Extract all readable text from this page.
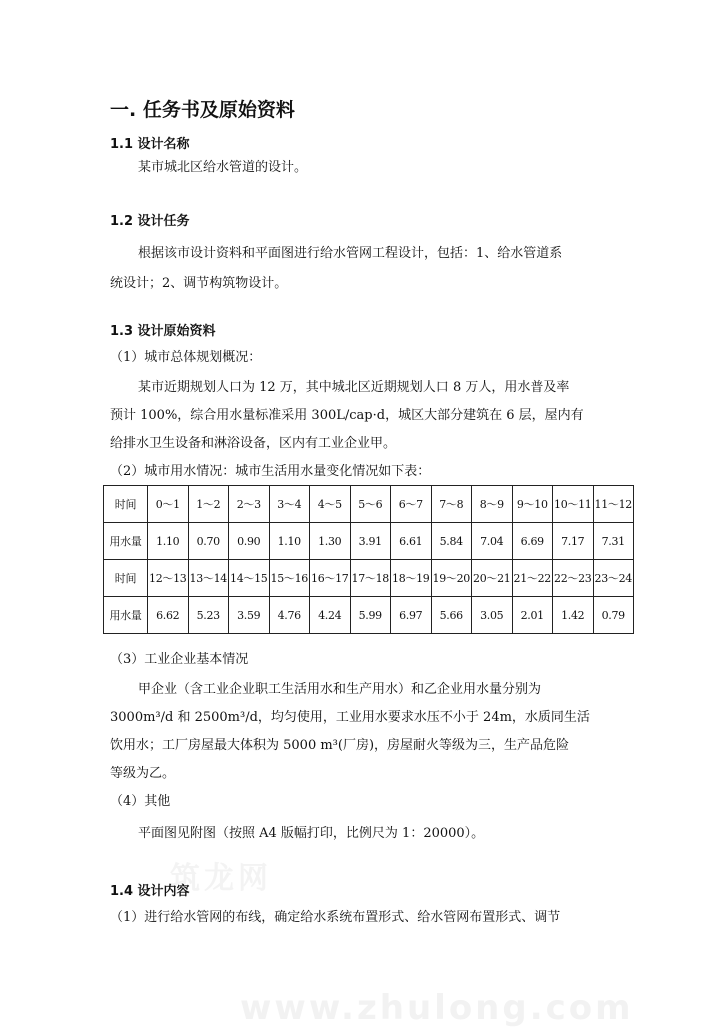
筑龙网
一. 任务书及原始资料
1.1 设计名称
某市城北区给水管道的设计。
1.2 设计任务
根据该市设计资料和平面图进行给水管网工程设计，包括：1、给水管道系
统设计；2、调节构筑物设计。
1.3 设计原始资料
（1）城市总体规划概况：
某市近期规划人口为 12 万，其中城北区近期规划人口 8 万人，用水普及率
预计 100%，综合用水量标准采用 300L/cap·d，城区大部分建筑在 6 层，屋内有
给排水卫生设备和淋浴设备，区内有工业企业甲。
（2）城市用水情况：城市生活用水量变化情况如下表：
时间	0～1	1～2	2～3	3～4	4～5	5～6	6～7	7～8	8～9	9～10	10～11	11～12
用水量	1.10	0.70	0.90	1.10	1.30	3.91	6.61	5.84	7.04	6.69	7.17	7.31
时间	12～13	13～14	14～15	15～16	16～17	17～18	18～19	19～20	20～21	21～22	22～23	23～24
用水量	6.62	5.23	3.59	4.76	4.24	5.99	6.97	5.66	3.05	2.01	1.42	0.79
（3）工业企业基本情况
甲企业（含工业企业职工生活用水和生产用水）和乙企业用水量分别为
3000m³/d 和 2500m³/d，均匀使用，工业用水要求水压不小于 24m，水质同生活
饮用水；工厂房屋最大体积为 5000 m³(厂房)，房屋耐火等级为三，生产品危险
等级为乙。
（4）其他
平面图见附图（按照 A4 版幅打印，比例尺为 1：20000）。
1.4 设计内容
（1）进行给水管网的布线，确定给水系统布置形式、给水管网布置形式、调节
www.zhulong.com
